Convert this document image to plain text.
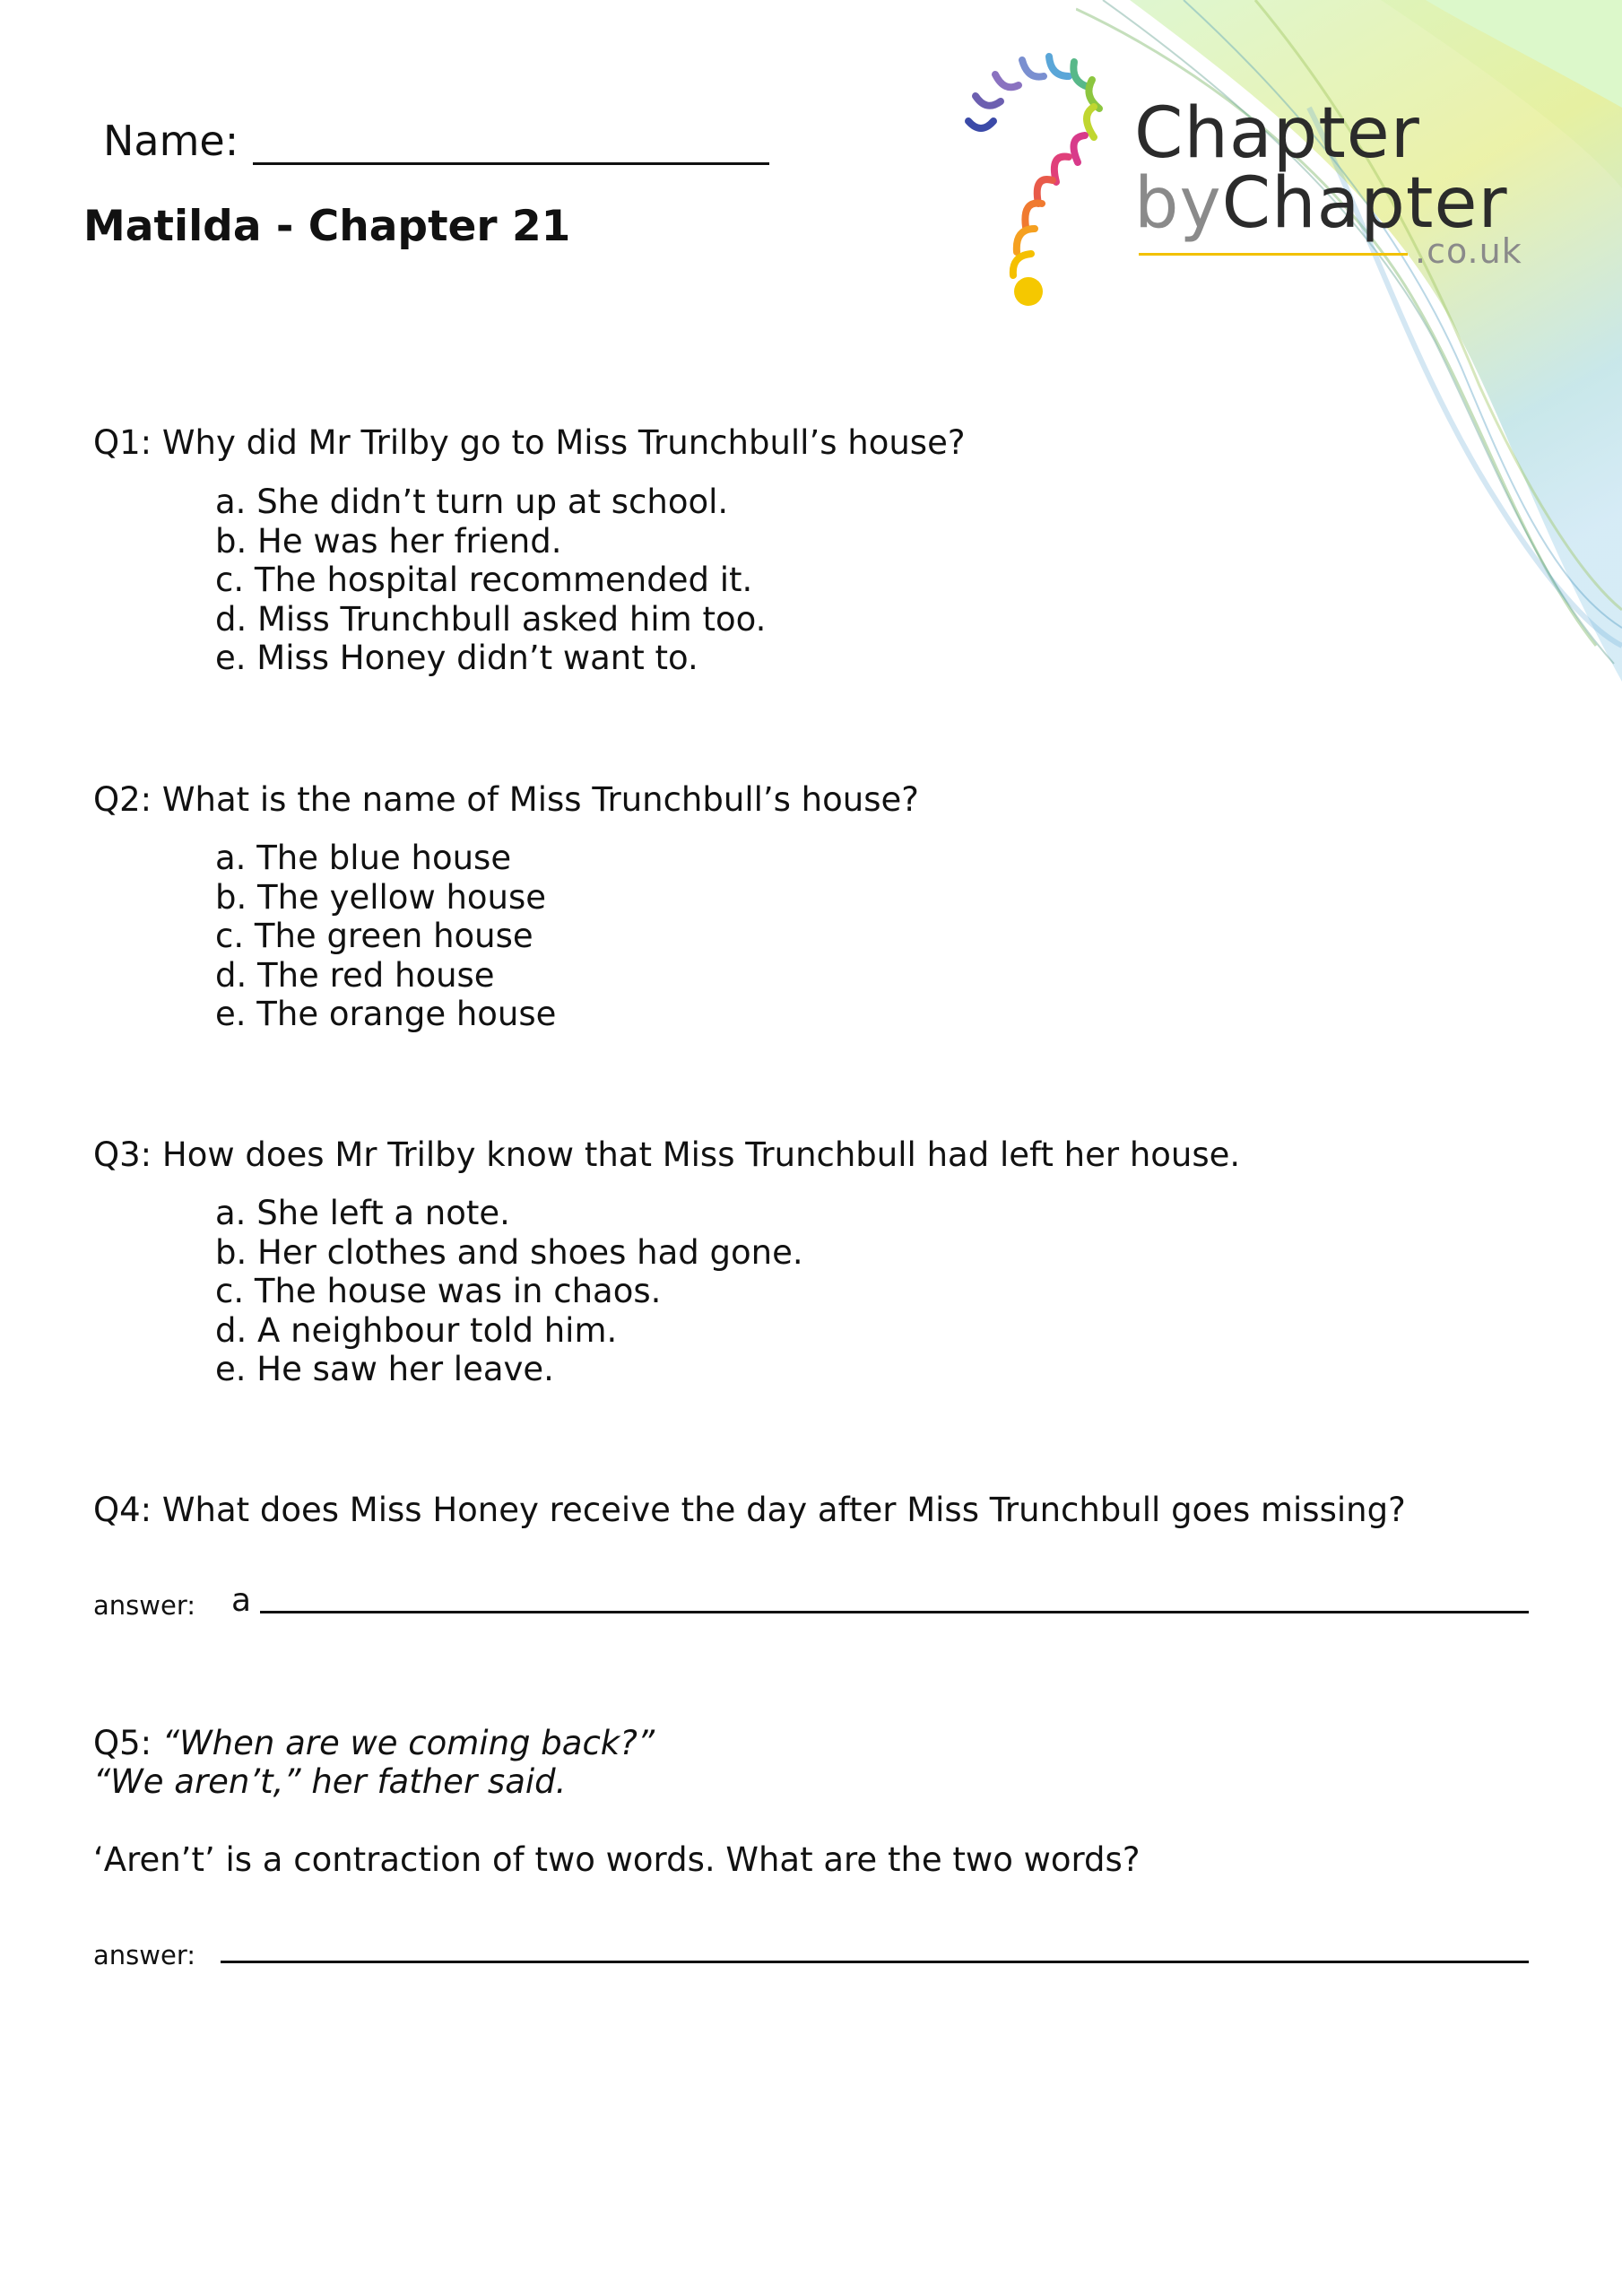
Chapter
byChapter
.co.uk
Name:
Matilda - Chapter 21
Q1: Why did Mr Trilby go to Miss Trunchbull’s house?
a. She didn’t turn up at school.
b. He was her friend.
c. The hospital recommended it.
d. Miss Trunchbull asked him too.
e. Miss Honey didn’t want to.
Q2: What is the name of Miss Trunchbull’s house?
a. The blue house
b. The yellow house
c. The green house
d. The red house
e. The orange house
Q3: How does Mr Trilby know that Miss Trunchbull had left her house.
a. She left a note.
b. Her clothes and shoes had gone.
c. The house was in chaos.
d. A neighbour told him.
e. He saw her leave.
Q4: What does Miss Honey receive the day after Miss Trunchbull goes missing?
answer: a
Q5: “When are we coming back?”
“We aren’t,” her father said.
‘Aren’t’ is a contraction of two words. What are the two words?
answer:
